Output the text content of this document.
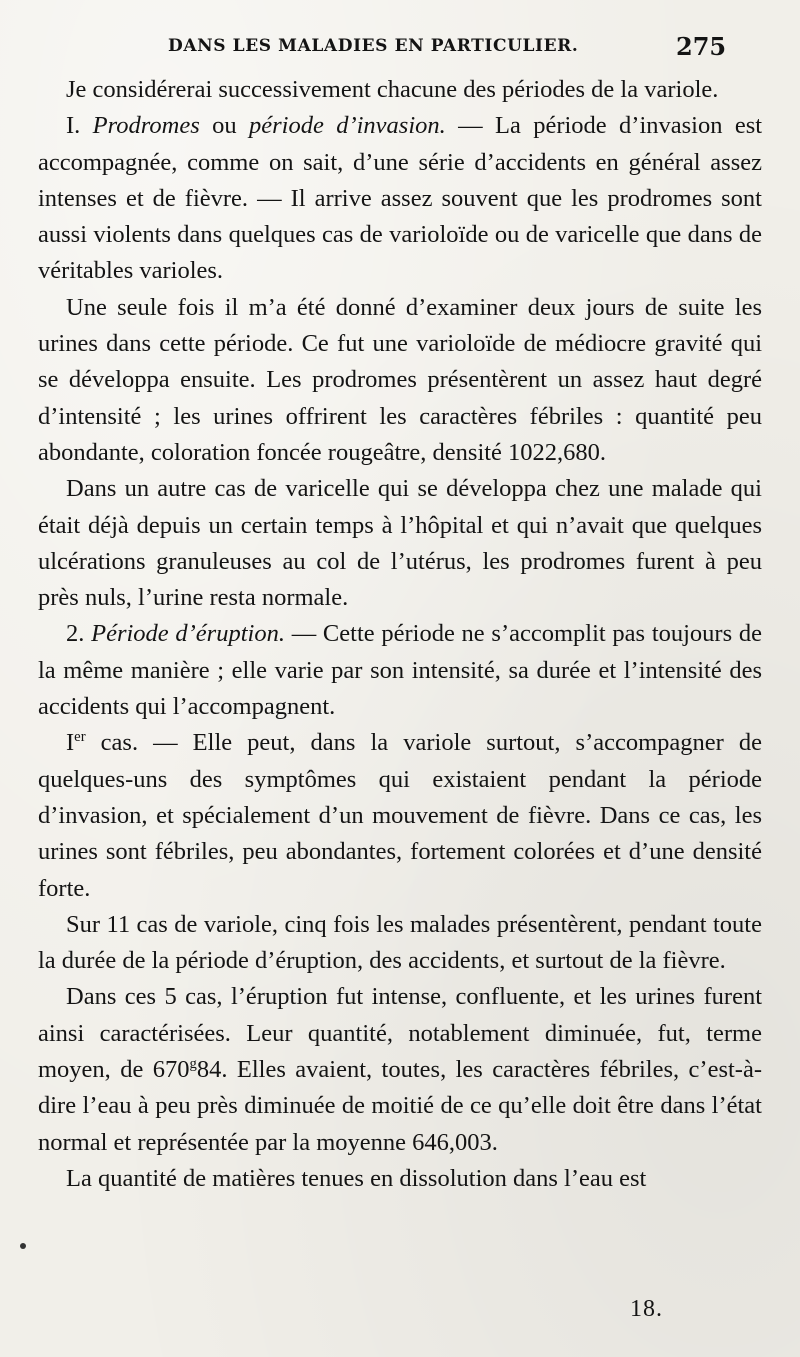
DANS LES MALADIES EN PARTICULIER.	275

Je considérerai successivement chacune des périodes de la variole.

I. Prodromes ou période d’invasion. — La période d’invasion est accompagnée, comme on sait, d’une série d’accidents en général assez intenses et de fièvre. — Il arrive assez souvent que les prodromes sont aussi violents dans quelques cas de varioloïde ou de varicelle que dans de véritables varioles.

Une seule fois il m’a été donné d’examiner deux jours de suite les urines dans cette période. Ce fut une varioloïde de médiocre gravité qui se développa ensuite. Les prodromes présentèrent un assez haut degré d’intensité ; les urines offrirent les caractères fébriles : quantité peu abondante, coloration foncée rougeâtre, densité 1022,680.

Dans un autre cas de varicelle qui se développa chez une malade qui était déjà depuis un certain temps à l’hôpital et qui n’avait que quelques ulcérations granuleuses au col de l’utérus, les prodromes furent à peu près nuls, l’urine resta normale.

2. Période d’éruption. — Cette période ne s’accomplit pas toujours de la même manière ; elle varie par son intensité, sa durée et l’intensité des accidents qui l’accompagnent.

Ier cas. — Elle peut, dans la variole surtout, s’accompagner de quelques-uns des symptômes qui existaient pendant la période d’invasion, et spécialement d’un mouvement de fièvre. Dans ce cas, les urines sont fébriles, peu abondantes, fortement colorées et d’une densité forte.

Sur 11 cas de variole, cinq fois les malades présentèrent, pendant toute la durée de la période d’éruption, des accidents, et surtout de la fièvre.

Dans ces 5 cas, l’éruption fut intense, confluente, et les urines furent ainsi caractérisées. Leur quantité, notablement diminuée, fut, terme moyen, de 670$^g$84. Elles avaient, toutes, les caractères fébriles, c’est-à-dire l’eau à peu près diminuée de moitié de ce qu’elle doit être dans l’état normal et représentée par la moyenne 646,003.

La quantité de matières tenues en dissolution dans l’eau est

18.
